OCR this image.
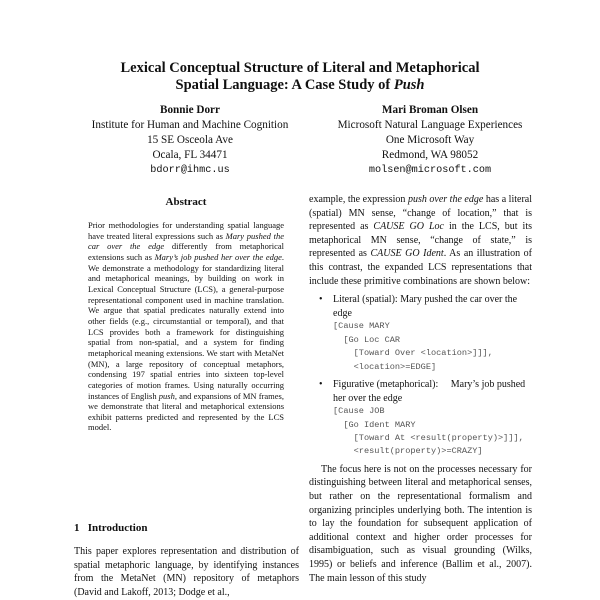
Lexical Conceptual Structure of Literal and Metaphorical
Spatial Language: A Case Study of Push
Bonnie Dorr
Institute for Human and Machine Cognition
15 SE Osceola Ave
Ocala, FL 34471
bdorr@ihmc.us
Mari Broman Olsen
Microsoft Natural Language Experiences
One Microsoft Way
Redmond, WA 98052
molsen@microsoft.com
Abstract
Prior methodologies for understanding spatial language have treated literal expressions such as Mary pushed the car over the edge differently from metaphorical extensions such as Mary’s job pushed her over the edge. We demonstrate a methodology for standardizing literal and metaphorical meanings, by building on work in Lexical Conceptual Structure (LCS), a general-purpose representational component used in machine translation. We argue that spatial predicates naturally extend into other fields (e.g., circumstantial or temporal), and that LCS provides both a framework for distinguishing spatial from non-spatial, and a system for finding metaphorical meaning extensions. We start with MetaNet (MN), a large repository of conceptual metaphors, condensing 197 spatial entries into sixteen top-level categories of motion frames. Using naturally occurring instances of English push, and expansions of MN frames, we demonstrate that literal and metaphorical extensions exhibit patterns predicted and represented by the LCS model.
1   Introduction
This paper explores representation and distribution of spatial metaphoric language, by identifying instances from the MetaNet (MN) repository of metaphors (David and Lakoff, 2013; Dodge et al.,
example, the expression push over the edge has a literal (spatial) MN sense, “change of location,” that is represented as CAUSE GO Loc in the LCS, but its metaphorical MN sense, “change of state,” is represented as CAUSE GO Ident. As an illustration of this contrast, the expanded LCS representations that include these primitive combinations are shown below:
• Literal (spatial): Mary pushed the car over the edge
[Cause MARY
[Go Loc CAR
[Toward Over <location>]]],
<location>=EDGE]
• Figurative (metaphorical):     Mary’s job pushed her over the edge
[Cause JOB
[Go Ident MARY
[Toward At <result(property)>]]],
<result(property)>=CRAZY]
The focus here is not on the processes necessary for distinguishing between literal and metaphorical senses, but rather on the representational formalism and organizing principles underlying both. The intention is to lay the foundation for subsequent application of additional context and higher order processes for disambiguation, such as visual grounding (Wilks, 1995) or beliefs and inference (Ballim et al., 2007). The main lesson of this study
